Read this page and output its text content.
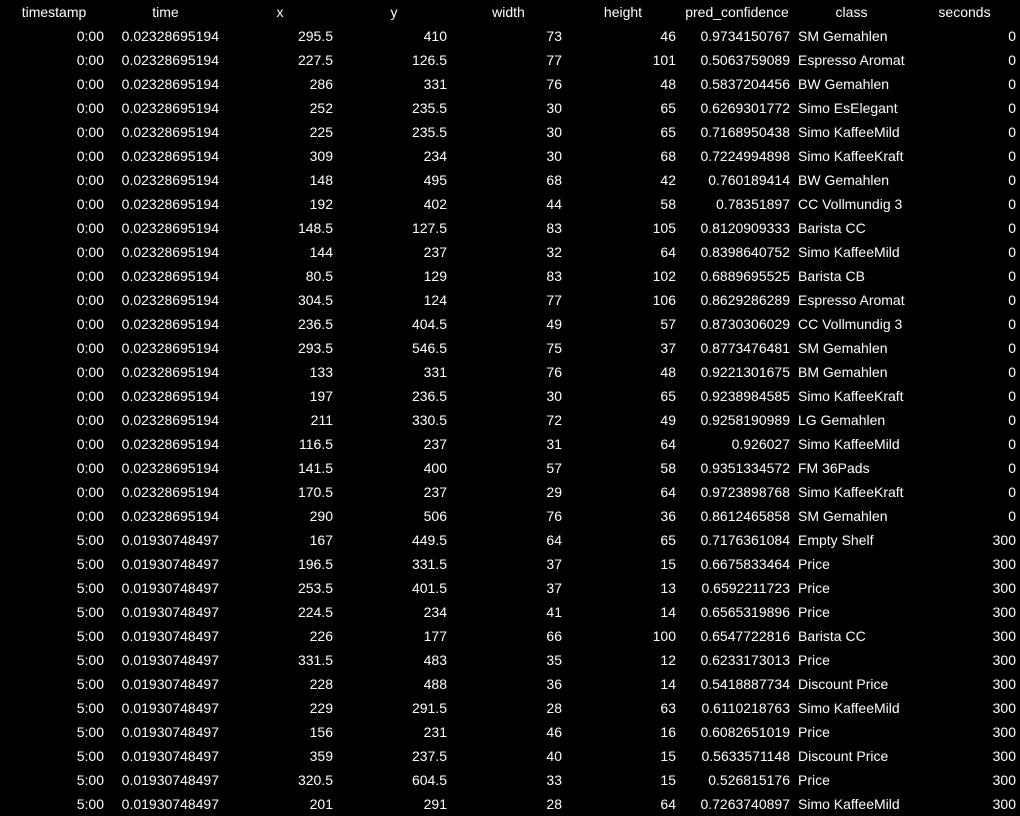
timestamp	time	x	y	width	height	pred_confidence	class	seconds
0:00	0.02328695194	295.5	410	73	46	0.9734150767	SM Gemahlen	0
0:00	0.02328695194	227.5	126.5	77	101	0.5063759089	Espresso Aromat	0
0:00	0.02328695194	286	331	76	48	0.5837204456	BW Gemahlen	0
0:00	0.02328695194	252	235.5	30	65	0.6269301772	Simo EsElegant	0
0:00	0.02328695194	225	235.5	30	65	0.7168950438	Simo KaffeeMild	0
0:00	0.02328695194	309	234	30	68	0.7224994898	Simo KaffeeKraft	0
0:00	0.02328695194	148	495	68	42	0.760189414	BW Gemahlen	0
0:00	0.02328695194	192	402	44	58	0.78351897	CC Vollmundig 3	0
0:00	0.02328695194	148.5	127.5	83	105	0.8120909333	Barista CC	0
0:00	0.02328695194	144	237	32	64	0.8398640752	Simo KaffeeMild	0
0:00	0.02328695194	80.5	129	83	102	0.6889695525	Barista CB	0
0:00	0.02328695194	304.5	124	77	106	0.8629286289	Espresso Aromat	0
0:00	0.02328695194	236.5	404.5	49	57	0.8730306029	CC Vollmundig 3	0
0:00	0.02328695194	293.5	546.5	75	37	0.8773476481	SM Gemahlen	0
0:00	0.02328695194	133	331	76	48	0.9221301675	BM Gemahlen	0
0:00	0.02328695194	197	236.5	30	65	0.9238984585	Simo KaffeeKraft	0
0:00	0.02328695194	211	330.5	72	49	0.9258190989	LG Gemahlen	0
0:00	0.02328695194	116.5	237	31	64	0.926027	Simo KaffeeMild	0
0:00	0.02328695194	141.5	400	57	58	0.9351334572	FM 36Pads	0
0:00	0.02328695194	170.5	237	29	64	0.9723898768	Simo KaffeeKraft	0
0:00	0.02328695194	290	506	76	36	0.8612465858	SM Gemahlen	0
5:00	0.01930748497	167	449.5	64	65	0.7176361084	Empty Shelf	300
5:00	0.01930748497	196.5	331.5	37	15	0.6675833464	Price	300
5:00	0.01930748497	253.5	401.5	37	13	0.6592211723	Price	300
5:00	0.01930748497	224.5	234	41	14	0.6565319896	Price	300
5:00	0.01930748497	226	177	66	100	0.6547722816	Barista CC	300
5:00	0.01930748497	331.5	483	35	12	0.6233173013	Price	300
5:00	0.01930748497	228	488	36	14	0.5418887734	Discount Price	300
5:00	0.01930748497	229	291.5	28	63	0.6110218763	Simo KaffeeMild	300
5:00	0.01930748497	156	231	46	16	0.6082651019	Price	300
5:00	0.01930748497	359	237.5	40	15	0.5633571148	Discount Price	300
5:00	0.01930748497	320.5	604.5	33	15	0.526815176	Price	300
5:00	0.01930748497	201	291	28	64	0.7263740897	Simo KaffeeMild	300
